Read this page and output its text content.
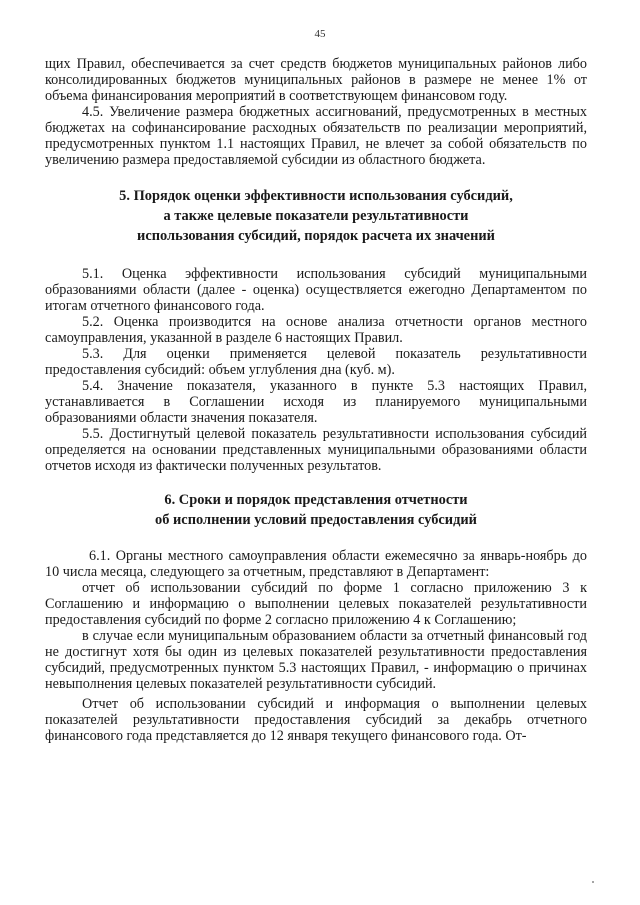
45

щих Правил, обеспечивается за счет средств бюджетов муниципальных районов либо консолидированных бюджетов муниципальных районов в размере не менее 1% от объема финансирования мероприятий в соответствующем финансовом году.

4.5. Увеличение размера бюджетных ассигнований, предусмотренных в местных бюджетах на софинансирование расходных обязательств по реализации мероприятий, предусмотренных пунктом 1.1 настоящих Правил, не влечет за собой обязательств по увеличению размера предоставляемой субсидии из областного бюджета.

5. Порядок оценки эффективности использования субсидий,

а также целевые показатели результативности

использования субсидий, порядок расчета их значений

5.1. Оценка эффективности использования субсидий муниципальными образованиями области (далее - оценка) осуществляется ежегодно Департаментом по итогам отчетного финансового года.

5.2. Оценка производится на основе анализа отчетности органов местного самоуправления, указанной в разделе 6 настоящих Правил.

5.3. Для оценки применяется целевой показатель результативности предоставления субсидий: объем углубления дна (куб. м).

5.4. Значение показателя, указанного в пункте 5.3 настоящих Правил, устанавливается в Соглашении исходя из планируемого муниципальными образованиями области значения показателя.

5.5. Достигнутый целевой показатель результативности использования субсидий определяется на основании представленных муниципальными образованиями области отчетов исходя из фактически полученных результатов.

6. Сроки и порядок представления отчетности

об исполнении условий предоставления субсидий

6.1. Органы местного самоуправления области ежемесячно за январь-ноябрь до 10 числа месяца, следующего за отчетным, представляют в Департамент:

отчет об использовании субсидий по форме 1 согласно приложению 3 к Соглашению и информацию о выполнении целевых показателей результативности предоставления субсидий по форме 2 согласно приложению 4 к Соглашению;

в случае если муниципальным образованием области за отчетный финансовый год не достигнут хотя бы один из целевых показателей результативности предоставления субсидий, предусмотренных пунктом 5.3 настоящих Правил, - информацию о причинах невыполнения целевых показателей результативности субсидий.

Отчет об использовании субсидий и информация о выполнении целевых показателей результативности предоставления субсидий за декабрь отчетного финансового года представляется до 12 января текущего финансового года. От-
